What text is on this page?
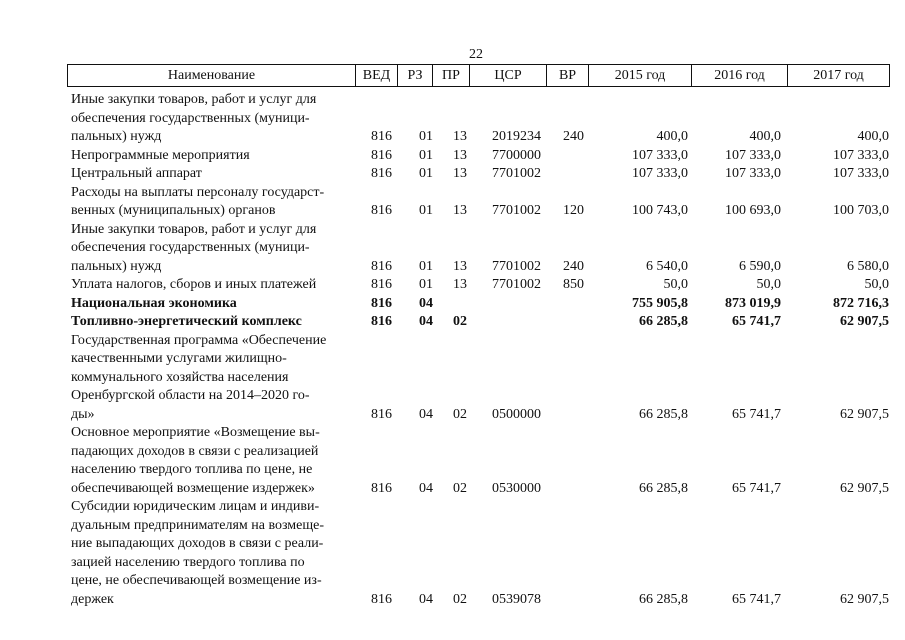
22
Наименование	ВЕД	РЗ	ПР	ЦСР	ВР	2015 год	2016 год	2017 год
Иные закупки товаров, работ и услуг для
обеспечения государственных (муници-
пальных) нужд	816 01 13 2019234 240	400,0	400,0	400,0
Непрограммные мероприятия	816 01 13 7700000	107 333,0	107 333,0	107 333,0
Центральный аппарат	816 01 13 7701002	107 333,0	107 333,0	107 333,0
Расходы на выплаты персоналу государст-
венных (муниципальных) органов	816 01 13 7701002 120	100 743,0	100 693,0	100 703,0
Иные закупки товаров, работ и услуг для
обеспечения государственных (муници-
пальных) нужд	816 01 13 7701002 240	6 540,0	6 590,0	6 580,0
Уплата налогов, сборов и иных платежей	816 01 13 7701002 850	50,0	50,0	50,0
Национальная экономика	816 04	755 905,8	873 019,9	872 716,3
Топливно-энергетический комплекс	816 04 02	66 285,8	65 741,7	62 907,5
Государственная программа «Обеспечение
качественными услугами жилищно-
коммунального хозяйства населения
Оренбургской области на 2014–2020 го-
ды»	816 04 02 0500000	66 285,8	65 741,7	62 907,5
Основное мероприятие «Возмещение вы-
падающих доходов в связи с реализацией
населению твердого топлива по цене, не
обеспечивающей возмещение издержек»	816 04 02 0530000	66 285,8	65 741,7	62 907,5
Субсидии юридическим лицам и индиви-
дуальным предпринимателям на возмеще-
ние выпадающих доходов в связи с реали-
зацией населению твердого топлива по
цене, не обеспечивающей возмещение из-
держек	816 04 02 0539078	66 285,8	65 741,7	62 907,5
